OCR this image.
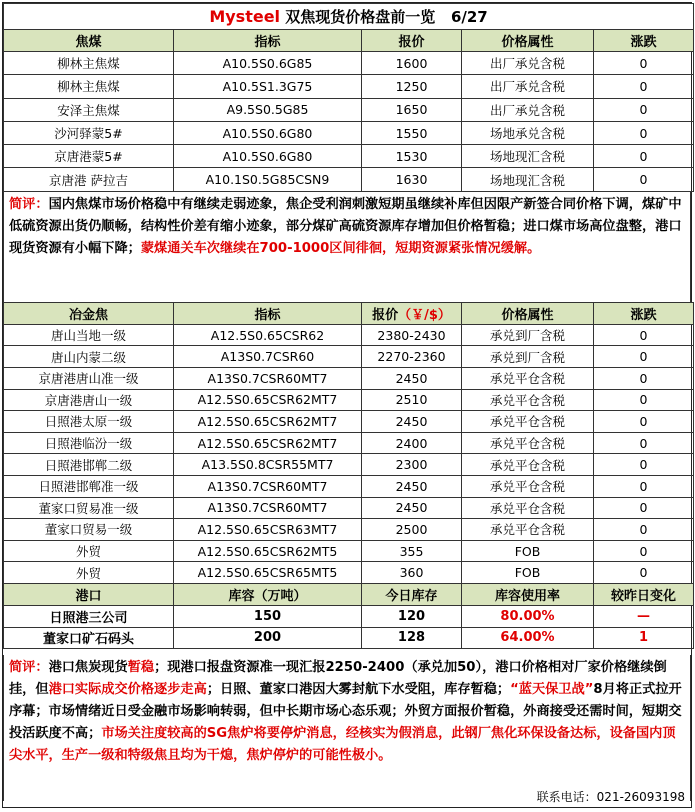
Mysteel 双焦现货价格盘前一览 6/27				
焦煤	指标	报价	价格属性	涨跌
柳林主焦煤	A10.5S0.6G85	1600	出厂承兑含税	0
柳林主焦煤	A10.5S1.3G75	1250	出厂承兑含税	0
安泽主焦煤	A9.5S0.5G85	1650	出厂承兑含税	0
沙河驿蒙5#	A10.5S0.6G80	1550	场地承兑含税	0
京唐港蒙5#	A10.5S0.6G80	1530	场地现汇含税	0
京唐港 萨拉吉	A10.1S0.5G85CSN9	1630	场地现汇含税	0
简评：国内焦煤市场价格稳中有继续走弱迹象，焦企受利润刺激短期虽继续补库但因限产新签合同价格下调，煤矿中低硫资源出货仍顺畅，结构性价差有缩小迹象，部分煤矿高硫资源库存增加但价格暂稳；进口煤市场高位盘整，港口现货资源有小幅下降；蒙煤通关车次继续在700-1000区间徘徊，短期资源紧张情况缓解。
冶金焦	指标	报价（￥/$）	价格属性	涨跌
唐山当地一级	A12.5S0.65CSR62	2380-2430	承兑到厂含税	0
唐山内蒙二级	A13S0.7CSR60	2270-2360	承兑到厂含税	0
京唐港唐山准一级	A13S0.7CSR60MT7	2450	承兑平仓含税	0
京唐港唐山一级	A12.5S0.65CSR62MT7	2510	承兑平仓含税	0
日照港太原一级	A12.5S0.65CSR62MT7	2450	承兑平仓含税	0
日照港临汾一级	A12.5S0.65CSR62MT7	2400	承兑平仓含税	0
日照港邯郸二级	A13.5S0.8CSR55MT7	2300	承兑平仓含税	0
日照港邯郸准一级	A13S0.7CSR60MT7	2450	承兑平仓含税	0
董家口贸易准一级	A13S0.7CSR60MT7	2450	承兑平仓含税	0
董家口贸易一级	A12.5S0.65CSR63MT7	2500	承兑平仓含税	0
外贸	A12.5S0.65CSR62MT5	355	FOB	0
外贸	A12.5S0.65CSR65MT5	360	FOB	0
港口	库容（万吨）	今日库存	库容使用率	较昨日变化
日照港三公司	150	120	80.00%	—
董家口矿石码头	200	128	64.00%	1
简评：港口焦炭现货暂稳；现港口报盘资源准一现汇报2250-2400（承兑加50），港口价格相对厂家价格继续倒挂，但港口实际成交价格逐步走高；日照、董家口港因大雾封航下水受阻，库存暂稳；“蓝天保卫战”8月将正式拉开序幕；市场情绪近日受金融市场影响转弱，但中长期市场心态乐观；外贸方面报价暂稳，外商接受还需时间，短期交投活跃度不高；市场关注度较高的SG焦炉将要停炉消息，经核实为假消息，此钢厂焦化环保设备达标，设备国内顶尖水平，生产一级和特级焦且均为干熄，焦炉停炉的可能性极小。
联系电话：021-26093198
